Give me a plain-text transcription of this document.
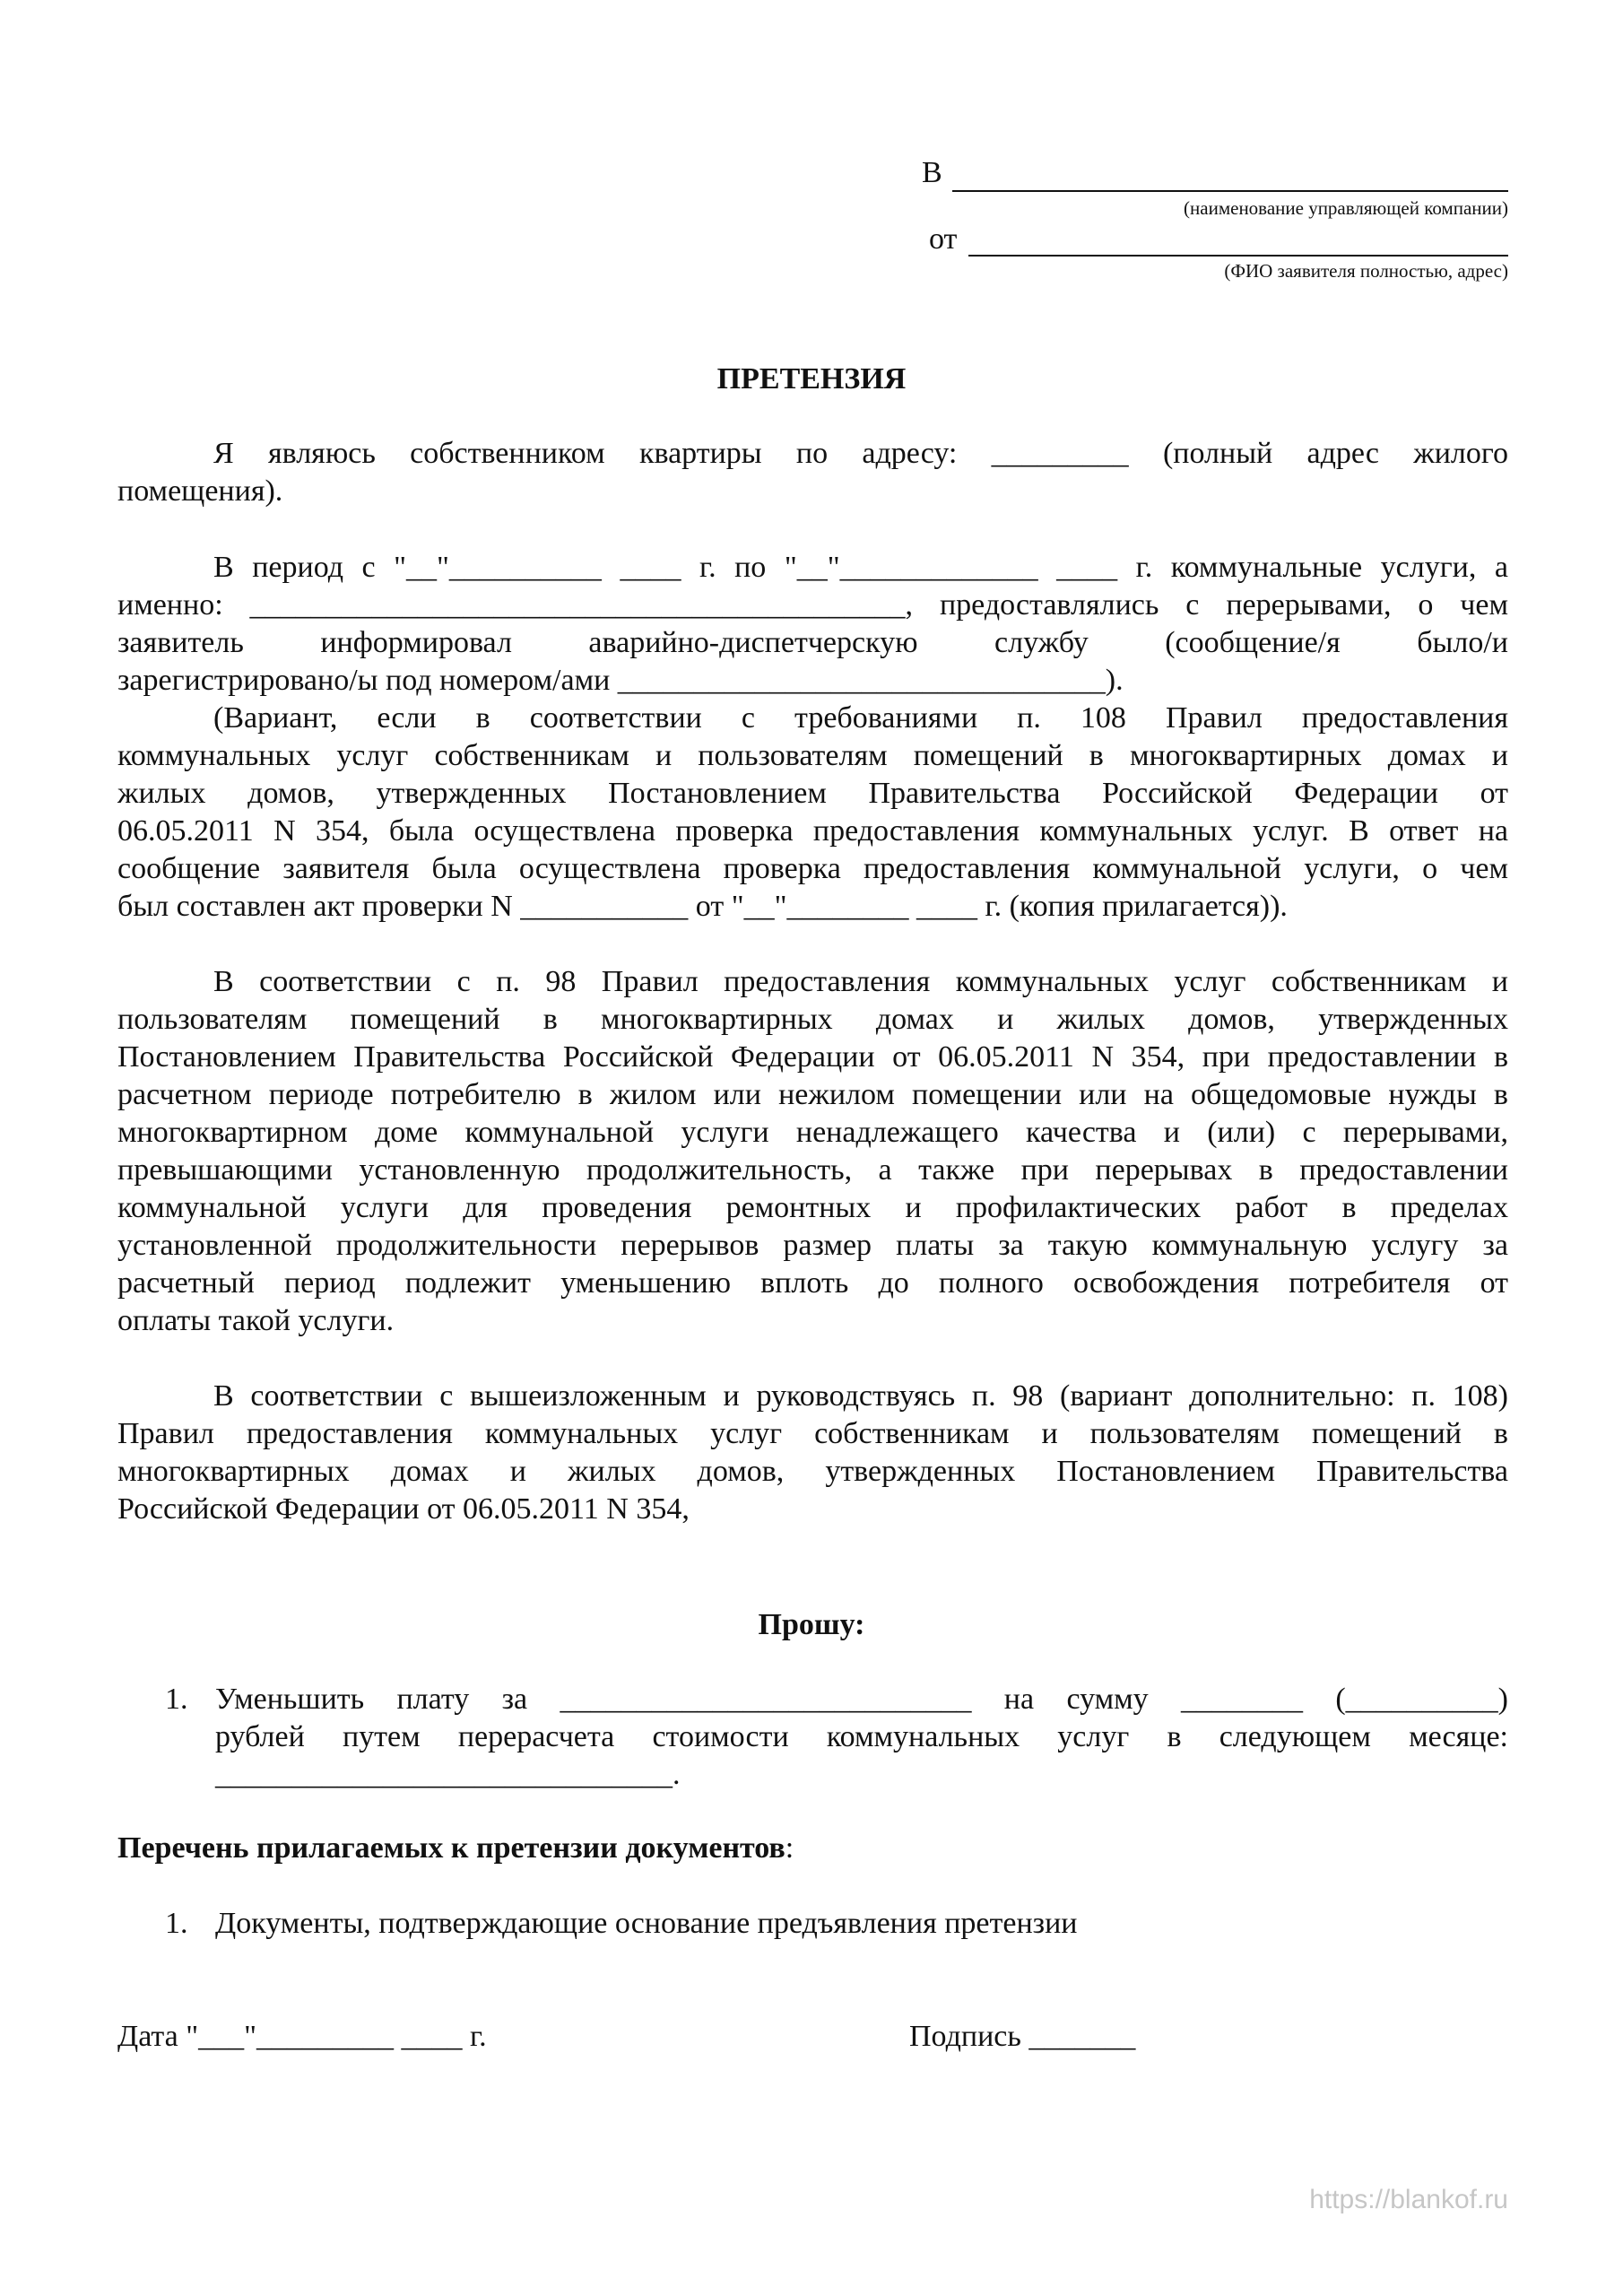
В

(наименование управляющей компании)

от

(ФИО заявителя полностью, адрес)

ПРЕТЕНЗИЯ

Я являюсь собственником квартиры по адресу: _________ (полный адрес жилого

помещения).

В период с "__"__________ ____ г. по "__"_____________ ____ г. коммунальные услуги, а

именно: ___________________________________________, предоставлялись с перерывами, о чем

заявитель информировал аварийно-диспетчерскую службу (сообщение/я было/и

зарегистрировано/ы под номером/ами ________________________________).

(Вариант, если в соответствии с требованиями п. 108 Правил предоставления

коммунальных услуг собственникам и пользователям помещений в многоквартирных домах и

жилых домов, утвержденных Постановлением Правительства Российской Федерации от

06.05.2011 N 354, была осуществлена проверка предоставления коммунальных услуг. В ответ на

сообщение заявителя была осуществлена проверка предоставления коммунальной услуги, о чем

был составлен акт проверки N ___________ от "__"________ ____ г. (копия прилагается)).

В соответствии с п. 98 Правил предоставления коммунальных услуг собственникам и

пользователям помещений в многоквартирных домах и жилых домов, утвержденных

Постановлением Правительства Российской Федерации от 06.05.2011 N 354, при предоставлении в

расчетном периоде потребителю в жилом или нежилом помещении или на общедомовые нужды в

многоквартирном доме коммунальной услуги ненадлежащего качества и (или) с перерывами,

превышающими установленную продолжительность, а также при перерывах в предоставлении

коммунальной услуги для проведения ремонтных и профилактических работ в пределах

установленной продолжительности перерывов размер платы за такую коммунальную услугу за

расчетный период подлежит уменьшению вплоть до полного освобождения потребителя от

оплаты такой услуги.

В соответствии с вышеизложенным и руководствуясь п. 98 (вариант дополнительно: п. 108)

Правил предоставления коммунальных услуг собственникам и пользователям помещений в

многоквартирных домах и жилых домов, утвержденных Постановлением Правительства

Российской Федерации от 06.05.2011 N 354,

Прошу:

1. Уменьшить плату за ___________________________ на сумму ________ (__________)

рублей путем перерасчета стоимости коммунальных услуг в следующем месяце:

______________________________.

Перечень прилагаемых к претензии документов:

1. Документы, подтверждающие основание предъявления претензии

Дата "___"_________ ____ г.	Подпись _______

https://blankof.ru
